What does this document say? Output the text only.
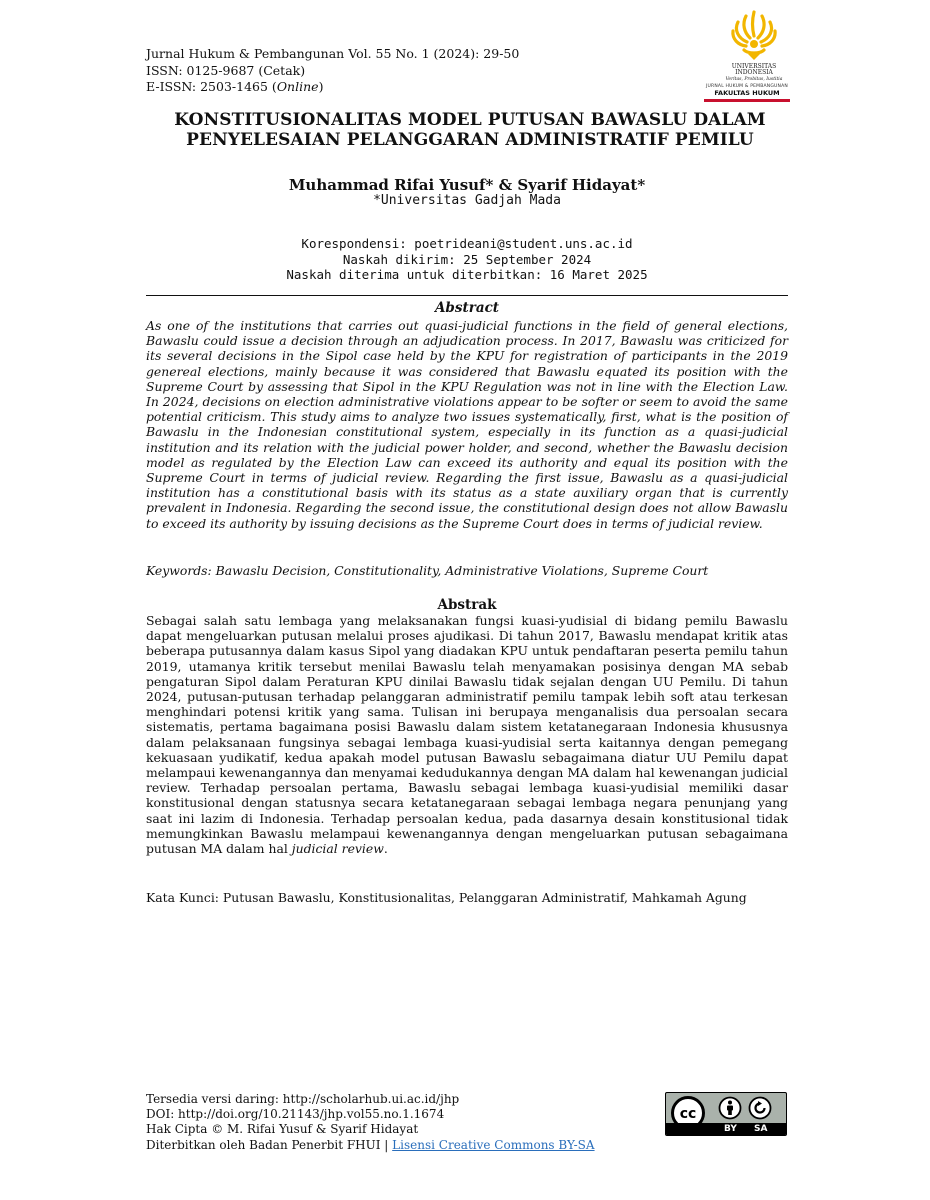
Jurnal Hukum & Pembangunan Vol. 55 No. 1 (2024): 29-50
ISSN: 0125-9687 (Cetak)
E-ISSN: 2503-1465 (Online)
UNIVERSITAS
INDONESIA
Veritas, Probitas, Iustitia
JURNAL HUKUM & PEMBANGUNAN
FAKULTAS HUKUM
KONSTITUSIONALITAS MODEL PUTUSAN BAWASLU DALAM
PENYELESAIAN PELANGGARAN ADMINISTRATIF PEMILU
Muhammad Rifai Yusuf* & Syarif Hidayat*
*Universitas Gadjah Mada
Korespondensi: poetrideani@student.uns.ac.id
Naskah dikirim: 25 September 2024
Naskah diterima untuk diterbitkan: 16 Maret 2025
Abstract
As one of the institutions that carries out quasi-judicial functions in the field of general elections, Bawaslu could issue a decision through an adjudication process. In 2017, Bawaslu was criticized for its several decisions in the Sipol case held by the KPU for registration of participants in the 2019 genereal elections, mainly because it was considered that Bawaslu equated its position with the Supreme Court by assessing that Sipol in the KPU Regulation was not in line with the Election Law. In 2024, decisions on election administrative violations appear to be softer or seem to avoid the same potential criticism. This study aims to analyze two issues systematically, first, what is the position of Bawaslu in the Indonesian constitutional system, especially in its function as a quasi-judicial institution and its relation with the judicial power holder, and second, whether the Bawaslu decision model as regulated by the Election Law can exceed its authority and equal its position with the Supreme Court in terms of judicial review. Regarding the first issue, Bawaslu as a quasi-judicial institution has a constitutional basis with its status as a state auxiliary organ that is currently prevalent in Indonesia. Regarding the second issue, the constitutional design does not allow Bawaslu to exceed its authority by issuing decisions as the Supreme Court does in terms of judicial review.
Keywords: Bawaslu Decision, Constitutionality, Administrative Violations, Supreme Court
Abstrak
Sebagai salah satu lembaga yang melaksanakan fungsi kuasi-yudisial di bidang pemilu Bawaslu dapat mengeluarkan putusan melalui proses ajudikasi. Di tahun 2017, Bawaslu mendapat kritik atas beberapa putusannya dalam kasus Sipol yang diadakan KPU untuk pendaftaran peserta pemilu tahun 2019, utamanya kritik tersebut menilai Bawaslu telah menyamakan posisinya dengan MA sebab pengaturan Sipol dalam Peraturan KPU dinilai Bawaslu tidak sejalan dengan UU Pemilu. Di tahun 2024, putusan-putusan terhadap pelanggaran administratif pemilu tampak lebih soft atau terkesan menghindari potensi kritik yang sama. Tulisan ini berupaya menganalisis dua persoalan secara sistematis, pertama bagaimana posisi Bawaslu dalam sistem ketatanegaraan Indonesia khususnya dalam pelaksanaan fungsinya sebagai lembaga kuasi-yudisial serta kaitannya dengan pemegang kekuasaan yudikatif, kedua apakah model putusan Bawaslu sebagaimana diatur UU Pemilu dapat melampaui kewenangannya dan menyamai kedudukannya dengan MA dalam hal kewenangan judicial review. Terhadap persoalan pertama, Bawaslu sebagai lembaga kuasi-yudisial memiliki dasar konstitusional dengan statusnya secara ketatanegaraan sebagai lembaga negara penunjang yang saat ini lazim di Indonesia. Terhadap persoalan kedua, pada dasarnya desain konstitusional tidak memungkinkan Bawaslu melampaui kewenangannya dengan mengeluarkan putusan sebagaimana putusan MA dalam hal judicial review.
Kata Kunci: Putusan Bawaslu, Konstitusionalitas, Pelanggaran Administratif, Mahkamah Agung
Tersedia versi daring: http://scholarhub.ui.ac.id/jhp
DOI: http://doi.org/10.21143/jhp.vol55.no.1.1674
Hak Cipta © M. Rifai Yusuf & Syarif Hidayat
Diterbitkan oleh Badan Penerbit FHUI | Lisensi Creative Commons BY-SA
cc
BY SA
